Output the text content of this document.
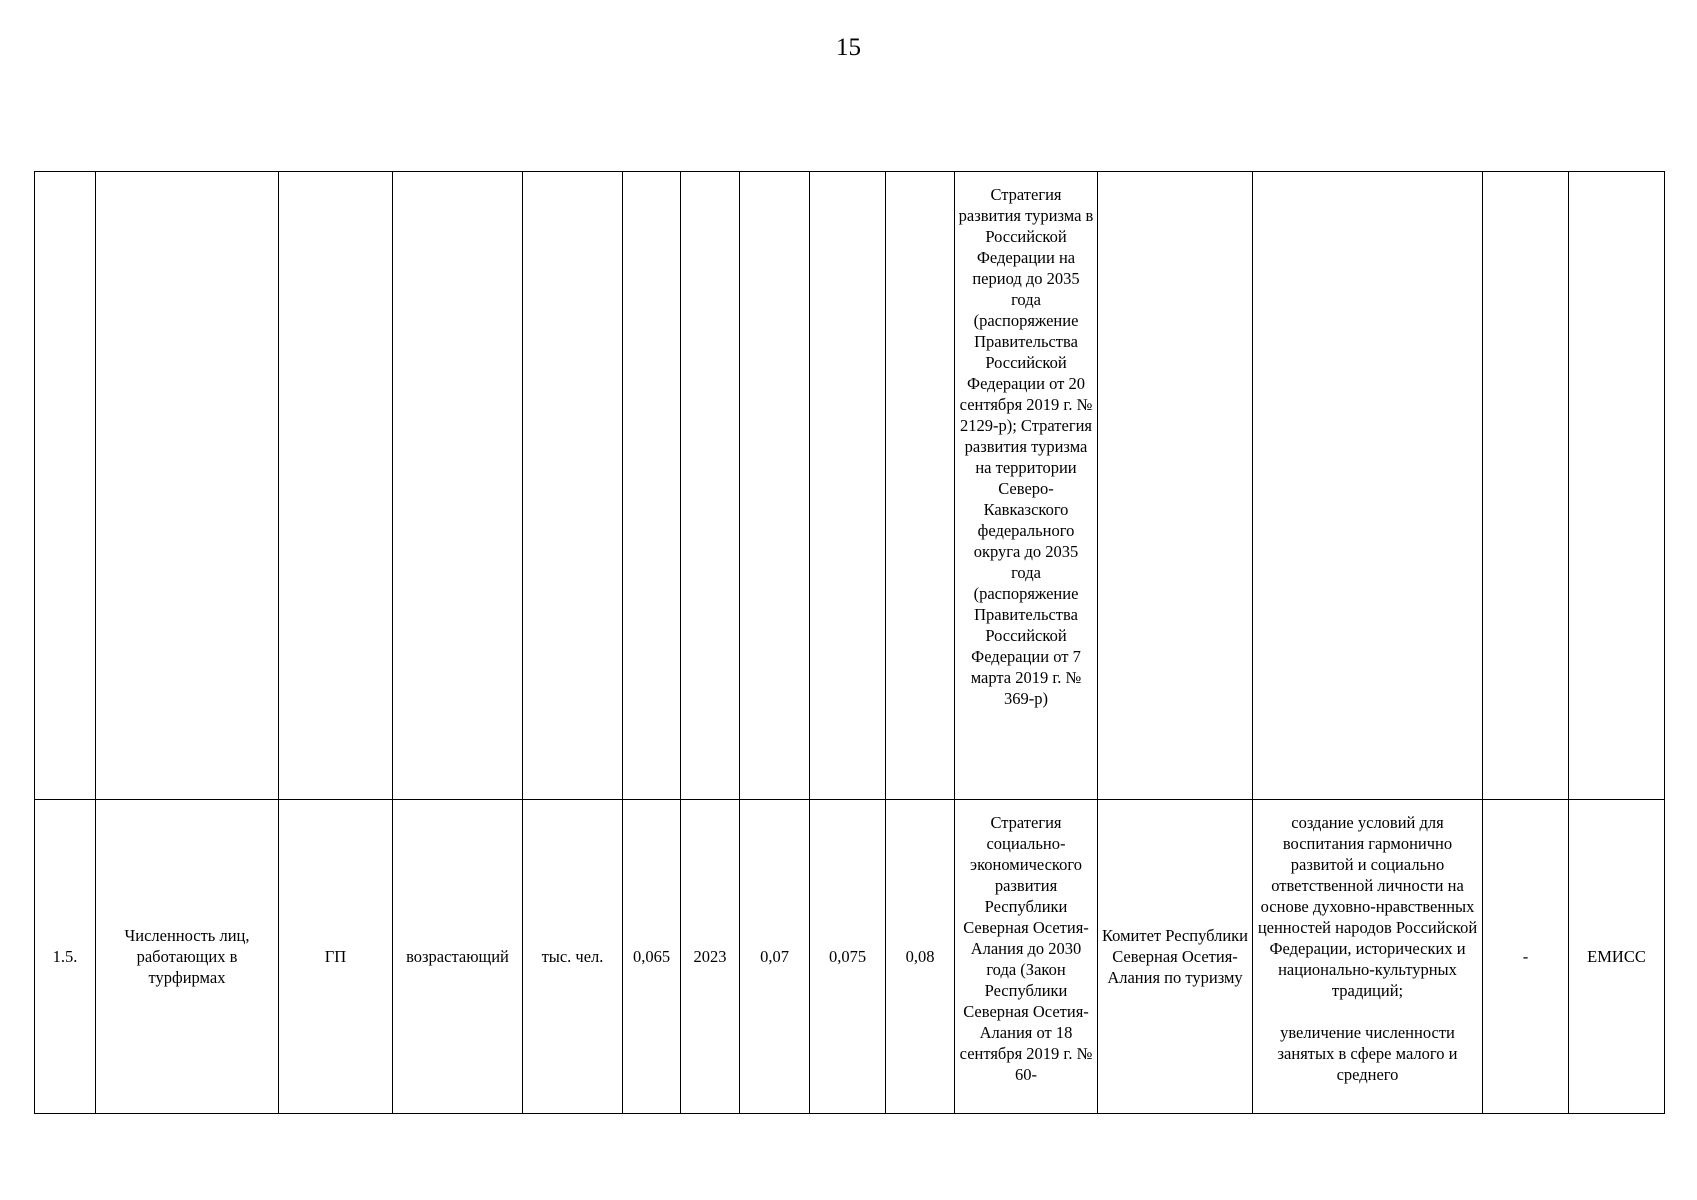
15
										Стратегия развития туризма в Российской Федерации на период до 2035 года (распоряжение Правительства Российской Федерации от 20 сентября 2019 г. № 2129-р); Стратегия развития туризма на территории Северо-Кавказского федерального округа до 2035 года (распоряжение Правительства Российской Федерации от 7 марта 2019 г. № 369-р)				
1.5.	Численность лиц, работающих в турфирмах	ГП	возрастающий	тыс. чел.	0,065	2023	0,07	0,075	0,08	Стратегия социально-экономического развития Республики Северная Осетия-Алания до 2030 года (Закон Республики Северная Осетия-Алания от 18 сентября 2019 г. № 60-	Комитет Республики Северная Осетия-Алания по туризму	создание условий для воспитания гармонично развитой и социально ответственной личности на основе духовно-нравственных ценностей народов Российской Федерации, исторических и национально-культурных традиций;
увеличение численности занятых в сфере малого и среднего	-	ЕМИСС
